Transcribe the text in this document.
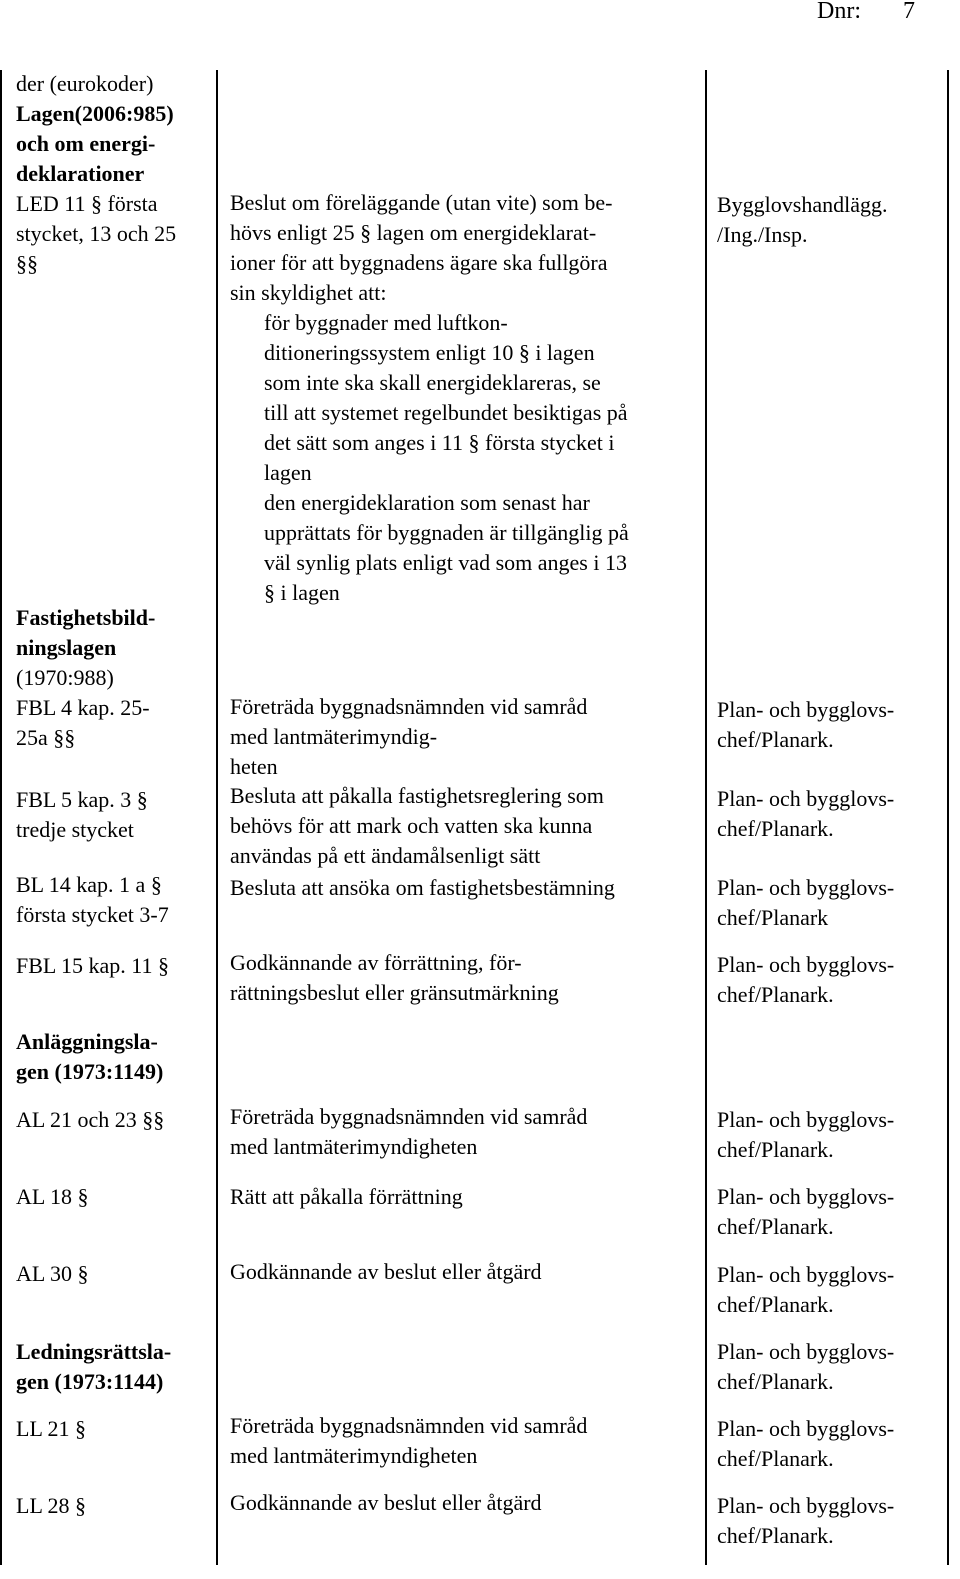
Dnr: 7
der (eurokoder)
Lagen(2006:985)
och om energi-
deklarationer
LED 11 § första
stycket, 13 och 25
§§
Fastighetsbild-
ningslagen
(1970:988)
FBL 4 kap. 25-
25a §§
FBL 5 kap. 3 §
tredje stycket
BL 14 kap. 1 a §
första stycket 3-7
FBL 15 kap. 11 §
Anläggningsla-
gen (1973:1149)
AL 21 och 23 §§
AL 18 §
AL 30 §
Ledningsrättsla-
gen (1973:1144)
LL 21 §
LL 28 §
Beslut om föreläggande (utan vite) som be-
hövs enligt 25 § lagen om energideklarat-
ioner för att byggnadens ägare ska fullgöra
sin skyldighet att:
för byggnader med luftkon-
ditioneringssystem enligt 10 § i lagen
som inte ska skall energideklareras, se
till att systemet regelbundet besiktigas på
det sätt som anges i 11 § första stycket i
lagen
den energideklaration som senast har
upprättats för byggnaden är tillgänglig på
väl synlig plats enligt vad som anges i 13
§ i lagen
Företräda byggnadsnämnden vid samråd
med lantmäterimyndig-
heten
Besluta att påkalla fastighetsreglering som
behövs för att mark och vatten ska kunna
användas på ett ändamålsenligt sätt
Besluta att ansöka om fastighetsbestämning
Godkännande av förrättning, för-
rättningsbeslut eller gränsutmärkning
Företräda byggnadsnämnden vid samråd
med lantmäterimyndigheten
Rätt att påkalla förrättning
Godkännande av beslut eller åtgärd
Företräda byggnadsnämnden vid samråd
med lantmäterimyndigheten
Godkännande av beslut eller åtgärd
Bygglovshandlägg.
/Ing./Insp.
Plan- och bygglovs-
chef/Planark.
Plan- och bygglovs-
chef/Planark.
Plan- och bygglovs-
chef/Planark
Plan- och bygglovs-
chef/Planark.
Plan- och bygglovs-
chef/Planark.
Plan- och bygglovs-
chef/Planark.
Plan- och bygglovs-
chef/Planark.
Plan- och bygglovs-
chef/Planark.
Plan- och bygglovs-
chef/Planark.
Plan- och bygglovs-
chef/Planark.
